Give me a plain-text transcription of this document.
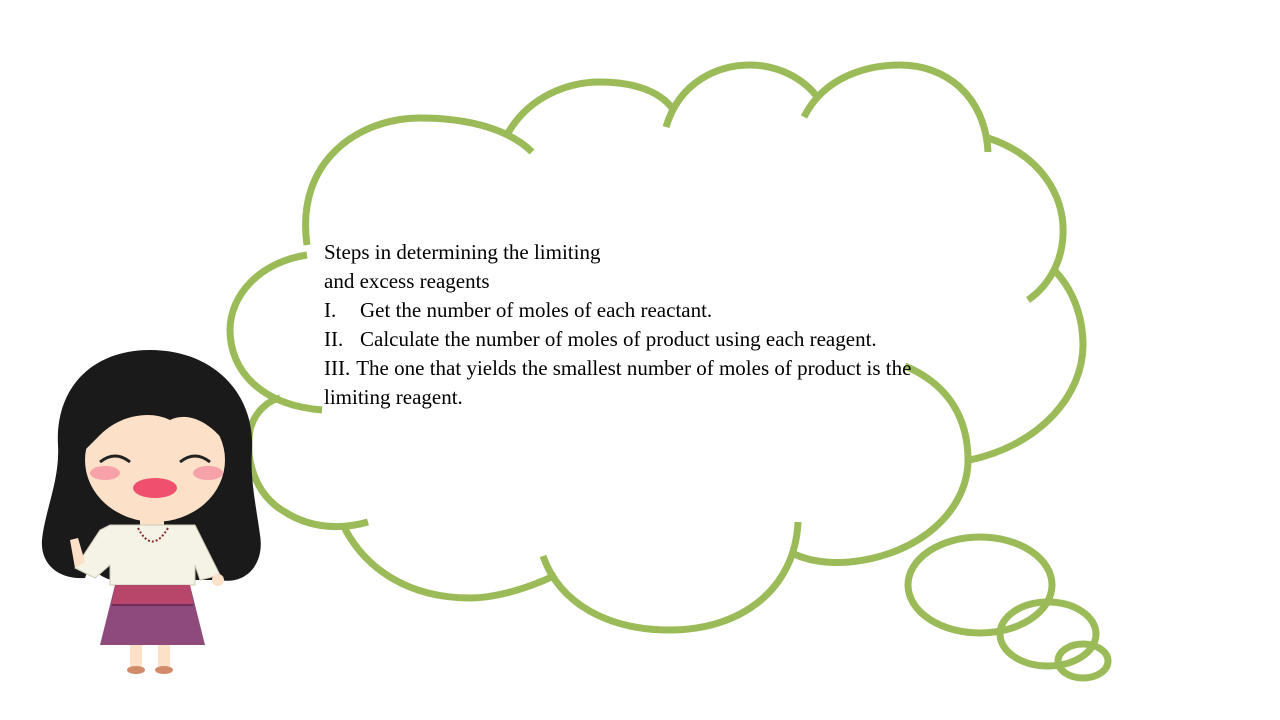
Steps in determining the limiting
and excess reagents
I. Get the number of moles of each reactant.
II. Calculate the number of moles of product using each reagent.
III. The one that yields the smallest number of moles of product is the
limiting reagent.
